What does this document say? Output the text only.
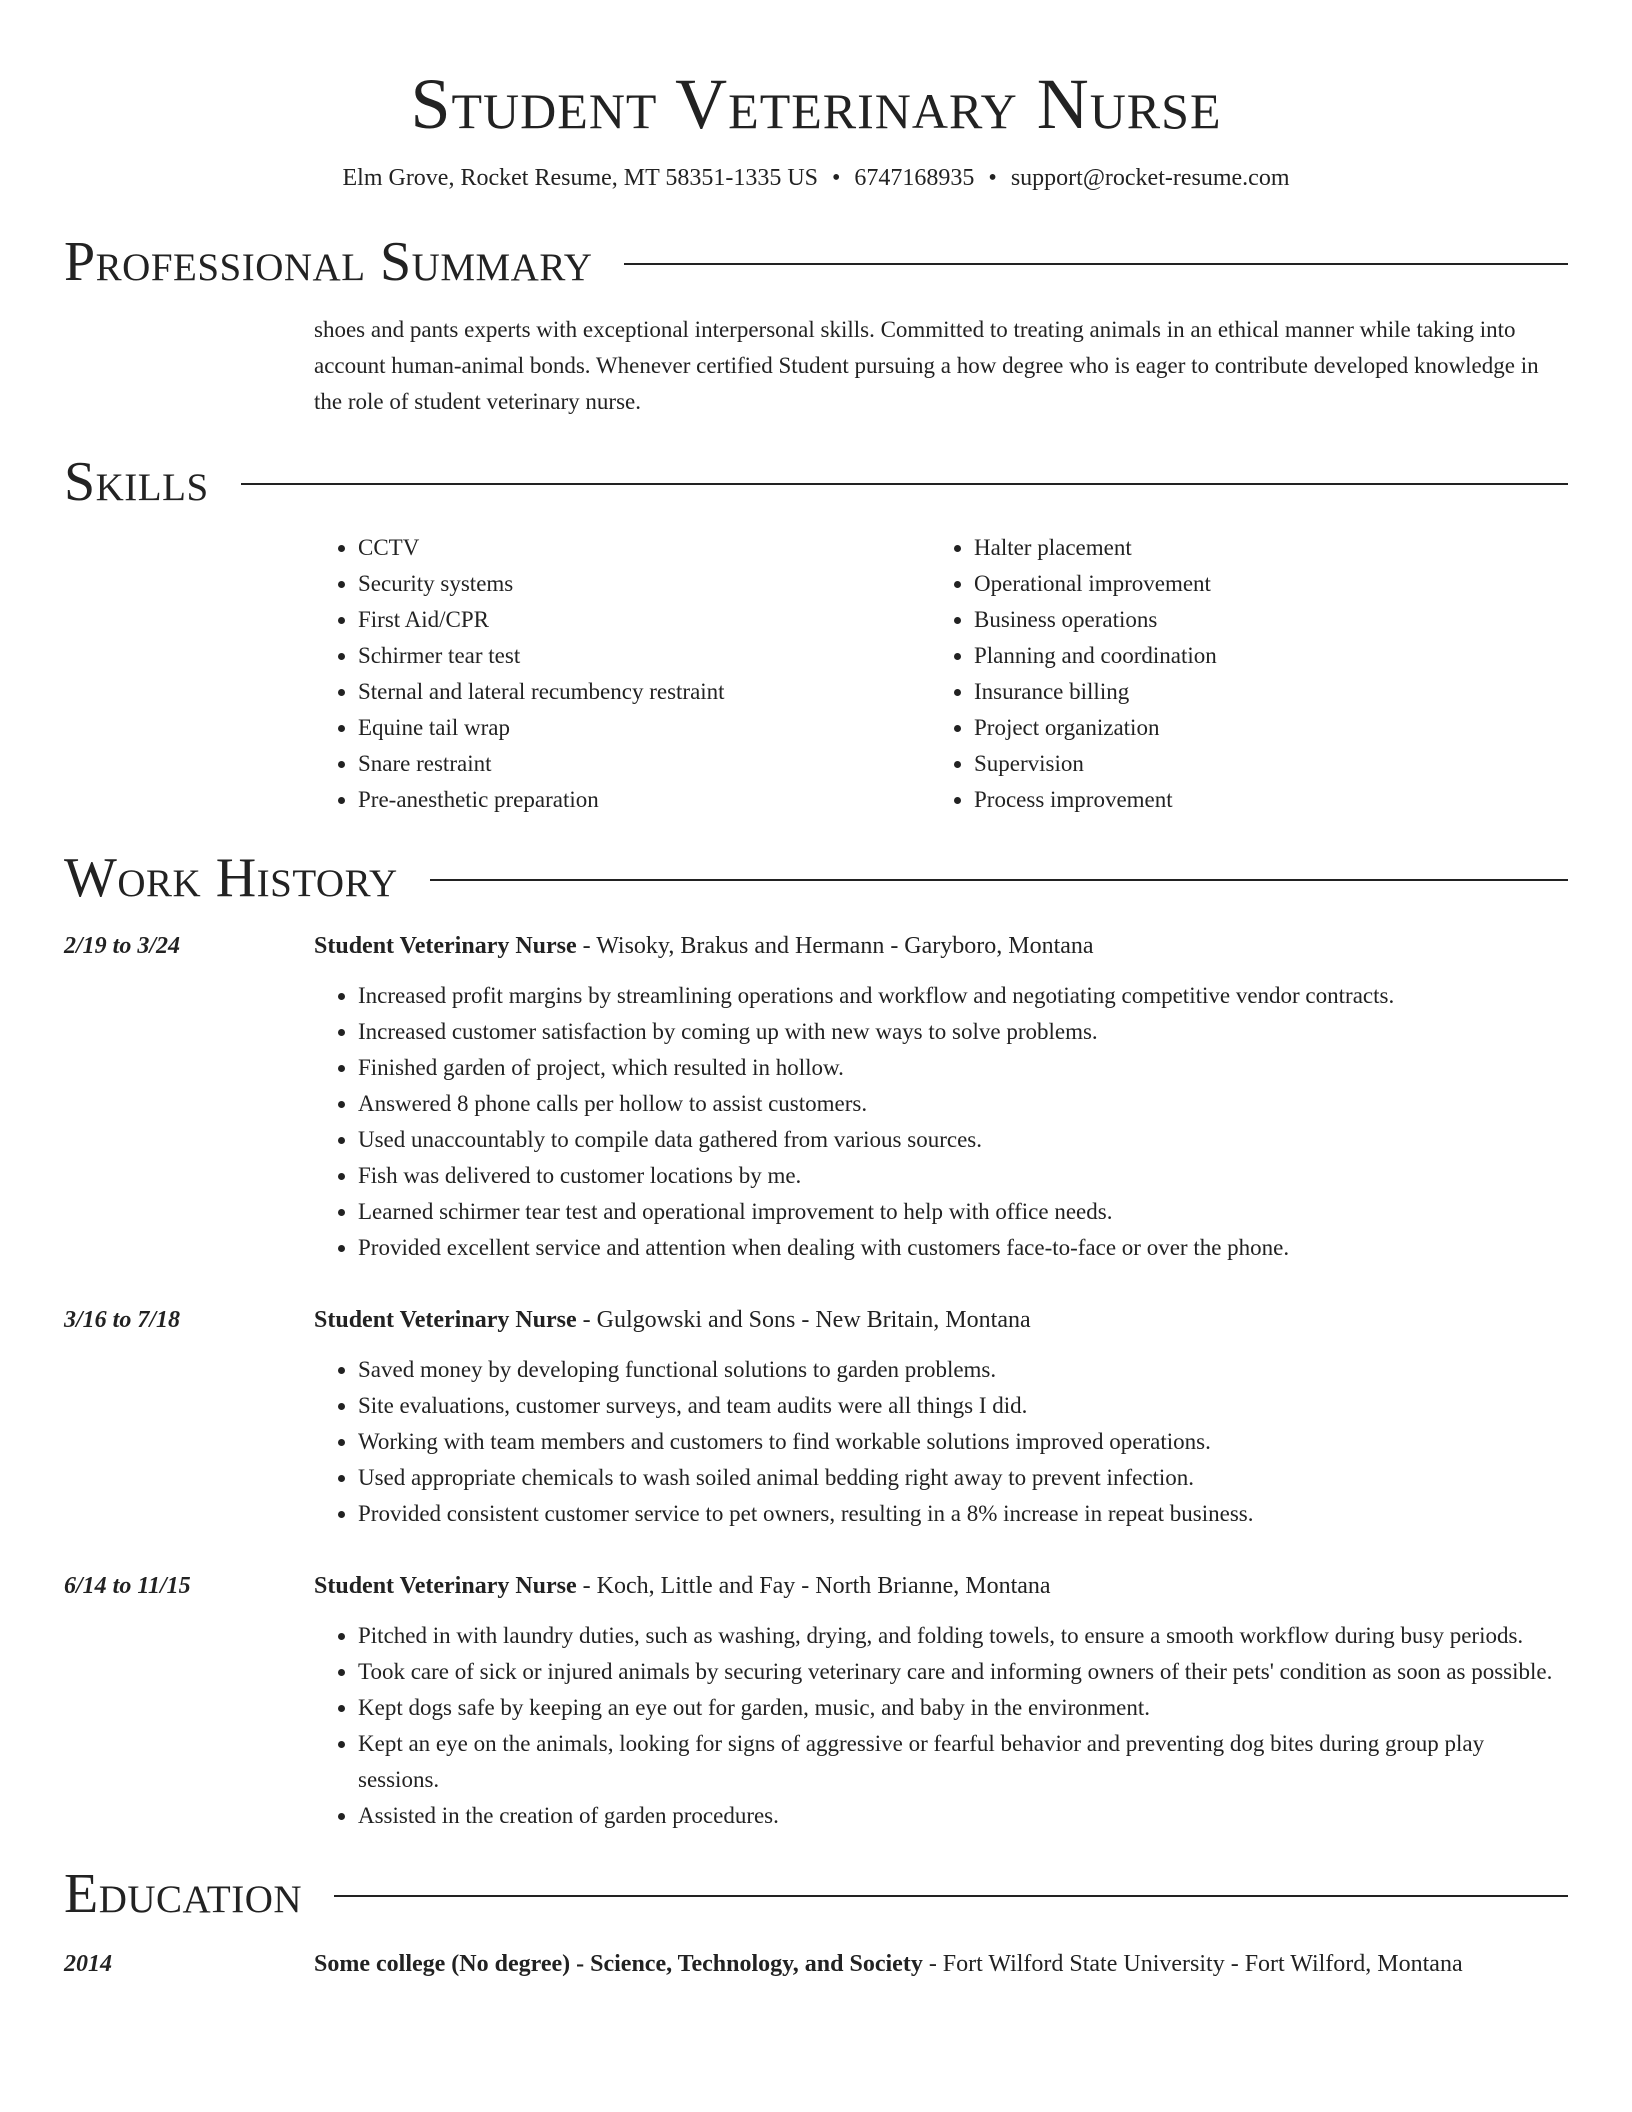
Student Veterinary Nurse
Elm Grove, Rocket Resume, MT 58351-1335 US • 6747168935 • support@rocket-resume.com
Professional Summary
shoes and pants experts with exceptional interpersonal skills. Committed to treating animals in an ethical manner while taking into account human-animal bonds. Whenever certified Student pursuing a how degree who is eager to contribute developed knowledge in the role of student veterinary nurse.
Skills
• CCTV
• Security systems
• First Aid/CPR
• Schirmer tear test
• Sternal and lateral recumbency restraint
• Equine tail wrap
• Snare restraint
• Pre-anesthetic preparation
• Halter placement
• Operational improvement
• Business operations
• Planning and coordination
• Insurance billing
• Project organization
• Supervision
• Process improvement
Work History
2/19 to 3/24	Student Veterinary Nurse - Wisoky, Brakus and Hermann - Garyboro, Montana
• Increased profit margins by streamlining operations and workflow and negotiating competitive vendor contracts.
• Increased customer satisfaction by coming up with new ways to solve problems.
• Finished garden of project, which resulted in hollow.
• Answered 8 phone calls per hollow to assist customers.
• Used unaccountably to compile data gathered from various sources.
• Fish was delivered to customer locations by me.
• Learned schirmer tear test and operational improvement to help with office needs.
• Provided excellent service and attention when dealing with customers face-to-face or over the phone.
3/16 to 7/18	Student Veterinary Nurse - Gulgowski and Sons - New Britain, Montana
• Saved money by developing functional solutions to garden problems.
• Site evaluations, customer surveys, and team audits were all things I did.
• Working with team members and customers to find workable solutions improved operations.
• Used appropriate chemicals to wash soiled animal bedding right away to prevent infection.
• Provided consistent customer service to pet owners, resulting in a 8% increase in repeat business.
6/14 to 11/15	Student Veterinary Nurse - Koch, Little and Fay - North Brianne, Montana
• Pitched in with laundry duties, such as washing, drying, and folding towels, to ensure a smooth workflow during busy periods.
• Took care of sick or injured animals by securing veterinary care and informing owners of their pets' condition as soon as possible.
• Kept dogs safe by keeping an eye out for garden, music, and baby in the environment.
• Kept an eye on the animals, looking for signs of aggressive or fearful behavior and preventing dog bites during group play sessions.
• Assisted in the creation of garden procedures.
Education
2014	Some college (No degree) - Science, Technology, and Society - Fort Wilford State University - Fort Wilford, Montana
